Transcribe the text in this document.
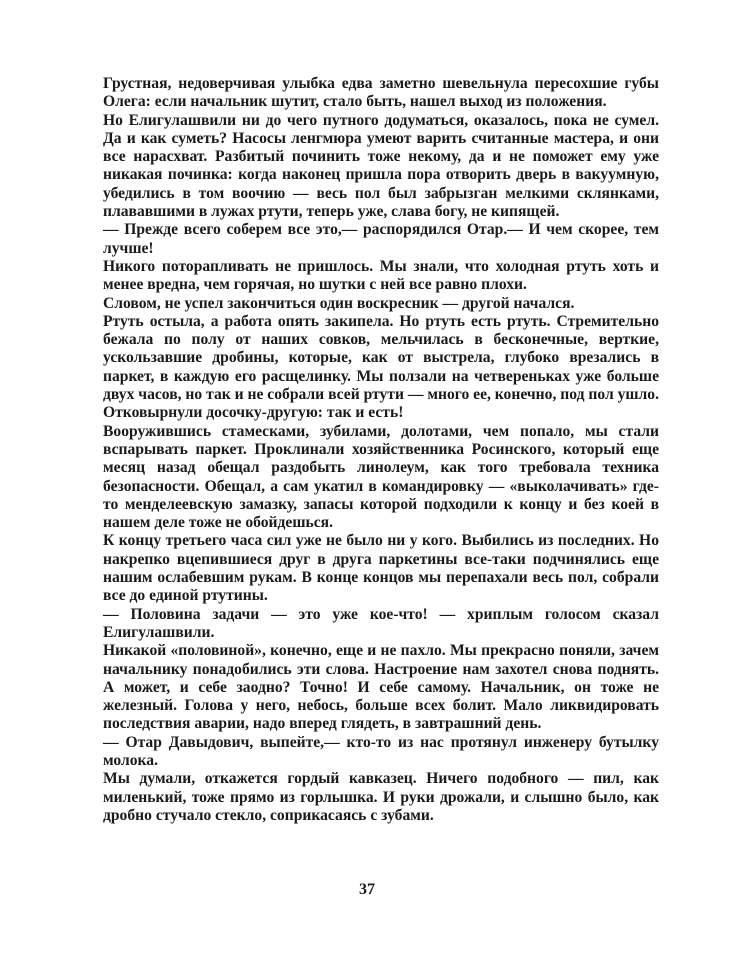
Грустная, недоверчивая улыбка едва заметно шевельнула пересохшие губы Олега: если начальник шутит, стало быть, нашел выход из положения.

Но Елигулашвили ни до чего путного додуматься, оказалось, пока не сумел. Да и как суметь? Насосы ленгмюра умеют варить считанные мастера, и они все нарасхват. Разбитый починить тоже некому, да и не поможет ему уже никакая починка: когда наконец пришла пора отворить дверь в вакуумную, убедились в том воочию — весь пол был забрызган мелкими склянками, плававшими в лужах ртути, теперь уже, слава богу, не кипящей.

— Прежде всего соберем все это,— распорядился Отар.— И чем скорее, тем лучше!

Никого поторапливать не пришлось. Мы знали, что холодная ртуть хоть и менее вредна, чем горячая, но шутки с ней все равно плохи.

Словом, не успел закончиться один воскресник — другой начался.

Ртуть остыла, а работа опять закипела. Но ртуть есть ртуть. Стремительно бежала по полу от наших совков, мельчилась в бесконечные, верткие, ускользавшие дробины, которые, как от выстрела, глубоко врезались в паркет, в каждую его расщелинку. Мы ползали на четвереньках уже больше двух часов, но так и не собрали всей ртути — много ее, конечно, под пол ушло. Отковырнули досочку-другую: так и есть!

Вооружившись стамесками, зубилами, долотами, чем попало, мы стали вспарывать паркет. Проклинали хозяйственника Росинского, который еще месяц назад обещал раздобыть линолеум, как того требовала техника безопасности. Обещал, а сам укатил в командировку — «выколачивать» где-то менделеевскую замазку, запасы которой подходили к концу и без коей в нашем деле тоже не обойдешься.

К концу третьего часа сил уже не было ни у кого. Выбились из последних. Но накрепко вцепившиеся друг в друга паркетины все-таки подчинялись еще нашим ослабевшим рукам. В конце концов мы перепахали весь пол, собрали все до единой ртутины.

— Половина задачи — это уже кое-что! — хриплым голосом сказал Елигулашвили.

Никакой «половиной», конечно, еще и не пахло. Мы прекрасно поняли, зачем начальнику понадобились эти слова. Настроение нам захотел снова поднять. А может, и себе заодно? Точно! И себе самому. Начальник, он тоже не железный. Голова у него, небось, больше всех болит. Мало ликвидировать последствия аварии, надо вперед глядеть, в завтрашний день.

— Отар Давыдович, выпейте,— кто-то из нас протянул инженеру бутылку молока.

Мы думали, откажется гордый кавказец. Ничего подобного — пил, как миленький, тоже прямо из горлышка. И руки дрожали, и слышно было, как дробно стучало стекло, соприкасаясь с зубами.

37
